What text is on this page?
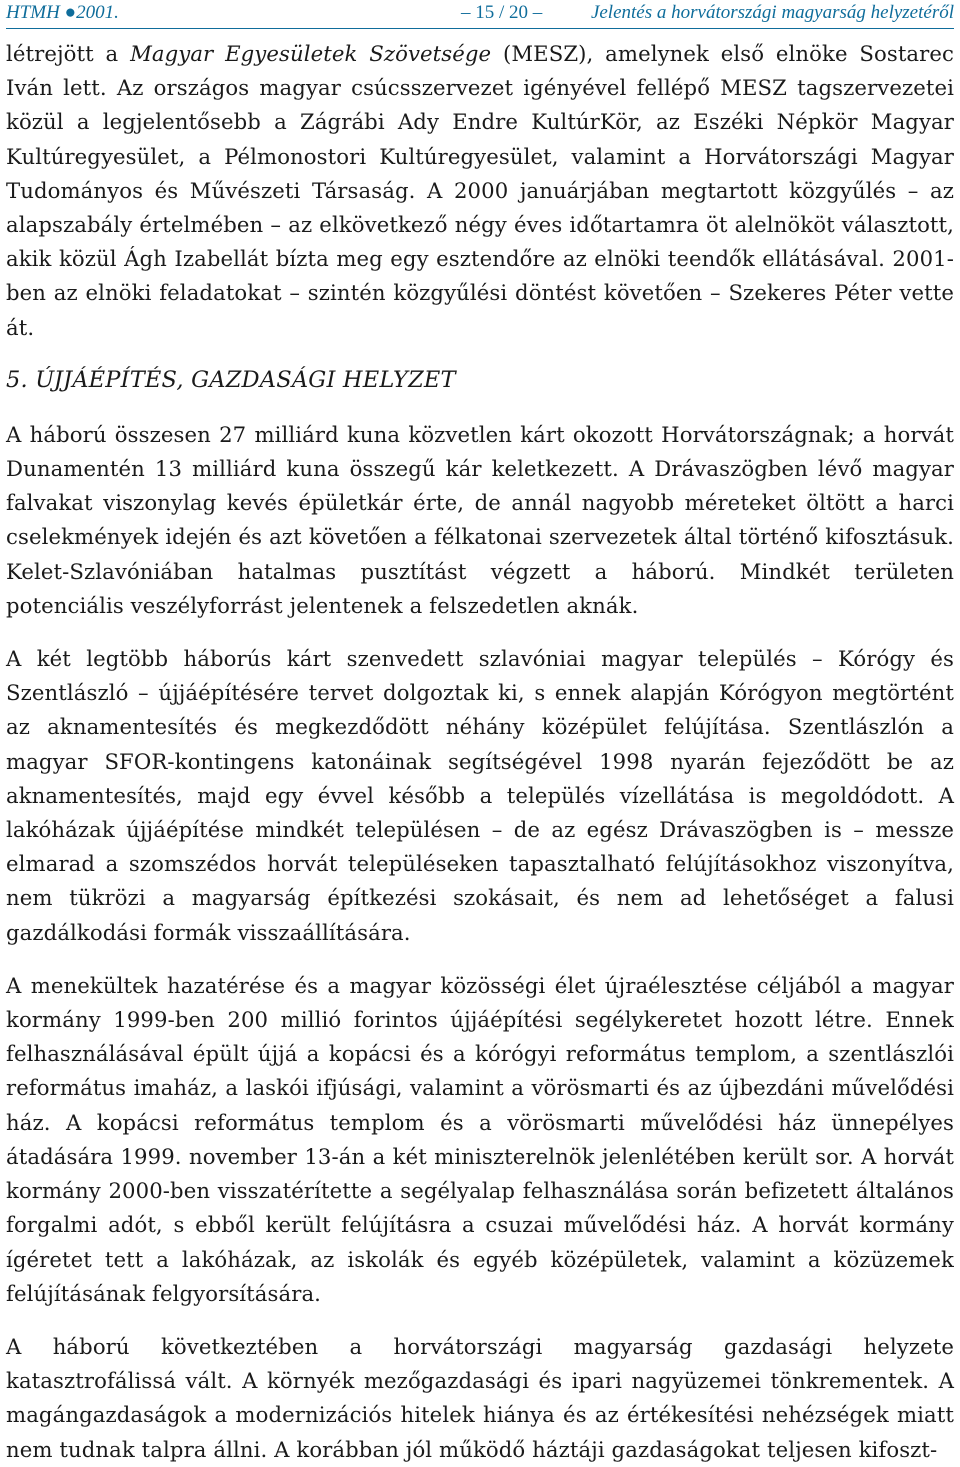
HTMH ●2001.	– 15 / 20 –	Jelentés a horvátországi magyarság helyzetéről

létrejött a Magyar Egyesületek Szövetsége (MESZ), amelynek első elnöke Sostarec Iván lett. Az országos magyar csúcsszervezet igényével fellépő MESZ tagszervezetei közül a legjelentősebb a Zágrábi Ady Endre KultúrKör, az Eszéki Népkör Magyar Kultúregyesület, a Pélmonostori Kultúregyesület, valamint a Horvátországi Magyar Tudományos és Művészeti Társaság. A 2000 januárjában megtartott közgyűlés – az alapszabály értelmében – az elkövetkező négy éves időtartamra öt alelnököt választott, akik közül Ágh Izabellát bízta meg egy esztendőre az elnöki teendők ellátásával. 2001-ben az elnöki feladatokat – szintén közgyűlési döntést követően – Szekeres Péter vette át.

5. ÚJJÁÉPÍTÉS, GAZDASÁGI HELYZET

A háború összesen 27 milliárd kuna közvetlen kárt okozott Horvátországnak; a horvát Dunamentén 13 milliárd kuna összegű kár keletkezett. A Drávaszögben lévő magyar falvakat viszonylag kevés épületkár érte, de annál nagyobb méreteket öltött a harci cselekmények idején és azt követően a félkatonai szervezetek által történő kifosztásuk. Kelet-Szlavóniában hatalmas pusztítást végzett a háború. Mindkét területen potenciális veszélyforrást jelentenek a felszedetlen aknák.

A két legtöbb háborús kárt szenvedett szlavóniai magyar település – Kórógy és Szentlászló – újjáépítésére tervet dolgoztak ki, s ennek alapján Kórógyon megtörtént az aknamentesítés és megkezdődött néhány középület felújítása. Szentlászlón a magyar SFOR-kontingens katonáinak segítségével 1998 nyarán fejeződött be az aknamentesítés, majd egy évvel később a település vízellátása is megoldódott. A lakóházak újjáépítése mindkét településen – de az egész Drávaszögben is – messze elmarad a szomszédos horvát településeken tapasztalható felújításokhoz viszonyítva, nem tükrözi a magyarság építkezési szokásait, és nem ad lehetőséget a falusi gazdálkodási formák visszaállítására.

A menekültek hazatérése és a magyar közösségi élet újraélesztése céljából a magyar kormány 1999-ben 200 millió forintos újjáépítési segélykeretet hozott létre. Ennek felhasználásával épült újjá a kopácsi és a kórógyi református templom, a szentlászlói református imaház, a laskói ifjúsági, valamint a vörösmarti és az újbezdáni művelődési ház. A kopácsi református templom és a vörösmarti művelődési ház ünnepélyes átadására 1999. november 13-án a két miniszterelnök jelenlétében került sor. A horvát kormány 2000-ben visszatérítette a segélyalap felhasználása során befizetett általános forgalmi adót, s ebből került felújításra a csuzai művelődési ház. A horvát kormány ígéretet tett a lakóházak, az iskolák és egyéb középületek, valamint a közüzemek felújításának felgyorsítására.

A háború következtében a horvátországi magyarság gazdasági helyzete katasztrofálissá vált. A környék mezőgazdasági és ipari nagyüzemei tönkrementek. A magángazdaságok a modernizációs hitelek hiánya és az értékesítési nehézségek miatt nem tudnak talpra állni. A korábban jól működő háztáji gazdaságokat teljesen kifoszt-
